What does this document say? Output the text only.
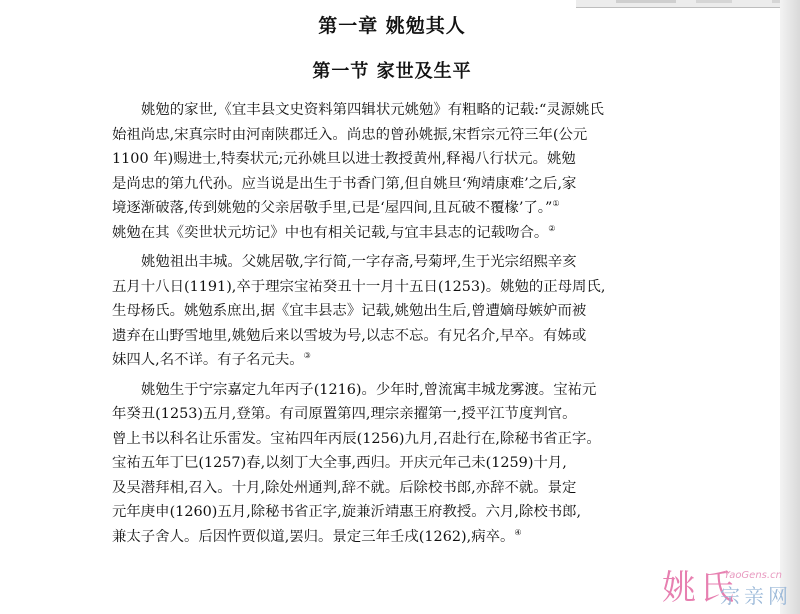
第一章 姚勉其人
第一节 家世及生平

姚勉的家世,《宜丰县文史资料第四辑状元姚勉》有粗略的记载:“灵源姚氏
始祖尚忠,宋真宗时由河南陕郡迁入。尚忠的曾孙姚振,宋哲宗元符三年(公元
1100 年)赐进士,特奏状元;元孙姚旦以进士教授黄州,释褐八行状元。姚勉
是尚忠的第九代孙。应当说是出生于书香门第,但自姚旦‘殉靖康难’之后,家
境逐渐破落,传到姚勉的父亲居敬手里,已是‘屋四间,且瓦破不覆椽’了。”①
姚勉在其《奕世状元坊记》中也有相关记载,与宜丰县志的记载吻合。②

姚勉祖出丰城。父姚居敬,字行简,一字存斋,号菊坪,生于光宗绍熙辛亥
五月十八日(1191),卒于理宗宝祐癸丑十一月十五日(1253)。姚勉的正母周氏,
生母杨氏。姚勉系庶出,据《宜丰县志》记载,姚勉出生后,曾遭嫡母嫉妒而被
遗弃在山野雪地里,姚勉后来以雪坡为号,以志不忘。有兄名介,早卒。有姊或
妹四人,名不详。有子名元夫。③

姚勉生于宁宗嘉定九年丙子(1216)。少年时,曾流寓丰城龙雾渡。宝祐元
年癸丑(1253)五月,登第。有司原置第四,理宗亲擢第一,授平江节度判官。
曾上书以科名让乐雷发。宝祐四年丙辰(1256)九月,召赴行在,除秘书省正字。
宝祐五年丁巳(1257)春,以刻丁大全事,西归。开庆元年己未(1259)十月,
及吴潜拜相,召入。十月,除处州通判,辞不就。后除校书郎,亦辞不就。景定
元年庚申(1260)五月,除秘书省正字,旋兼沂靖惠王府教授。六月,除校书郎,
兼太子舍人。后因忤贾似道,罢归。景定三年壬戌(1262),病卒。④

姚氏
YaoGens.cn
宗亲网
